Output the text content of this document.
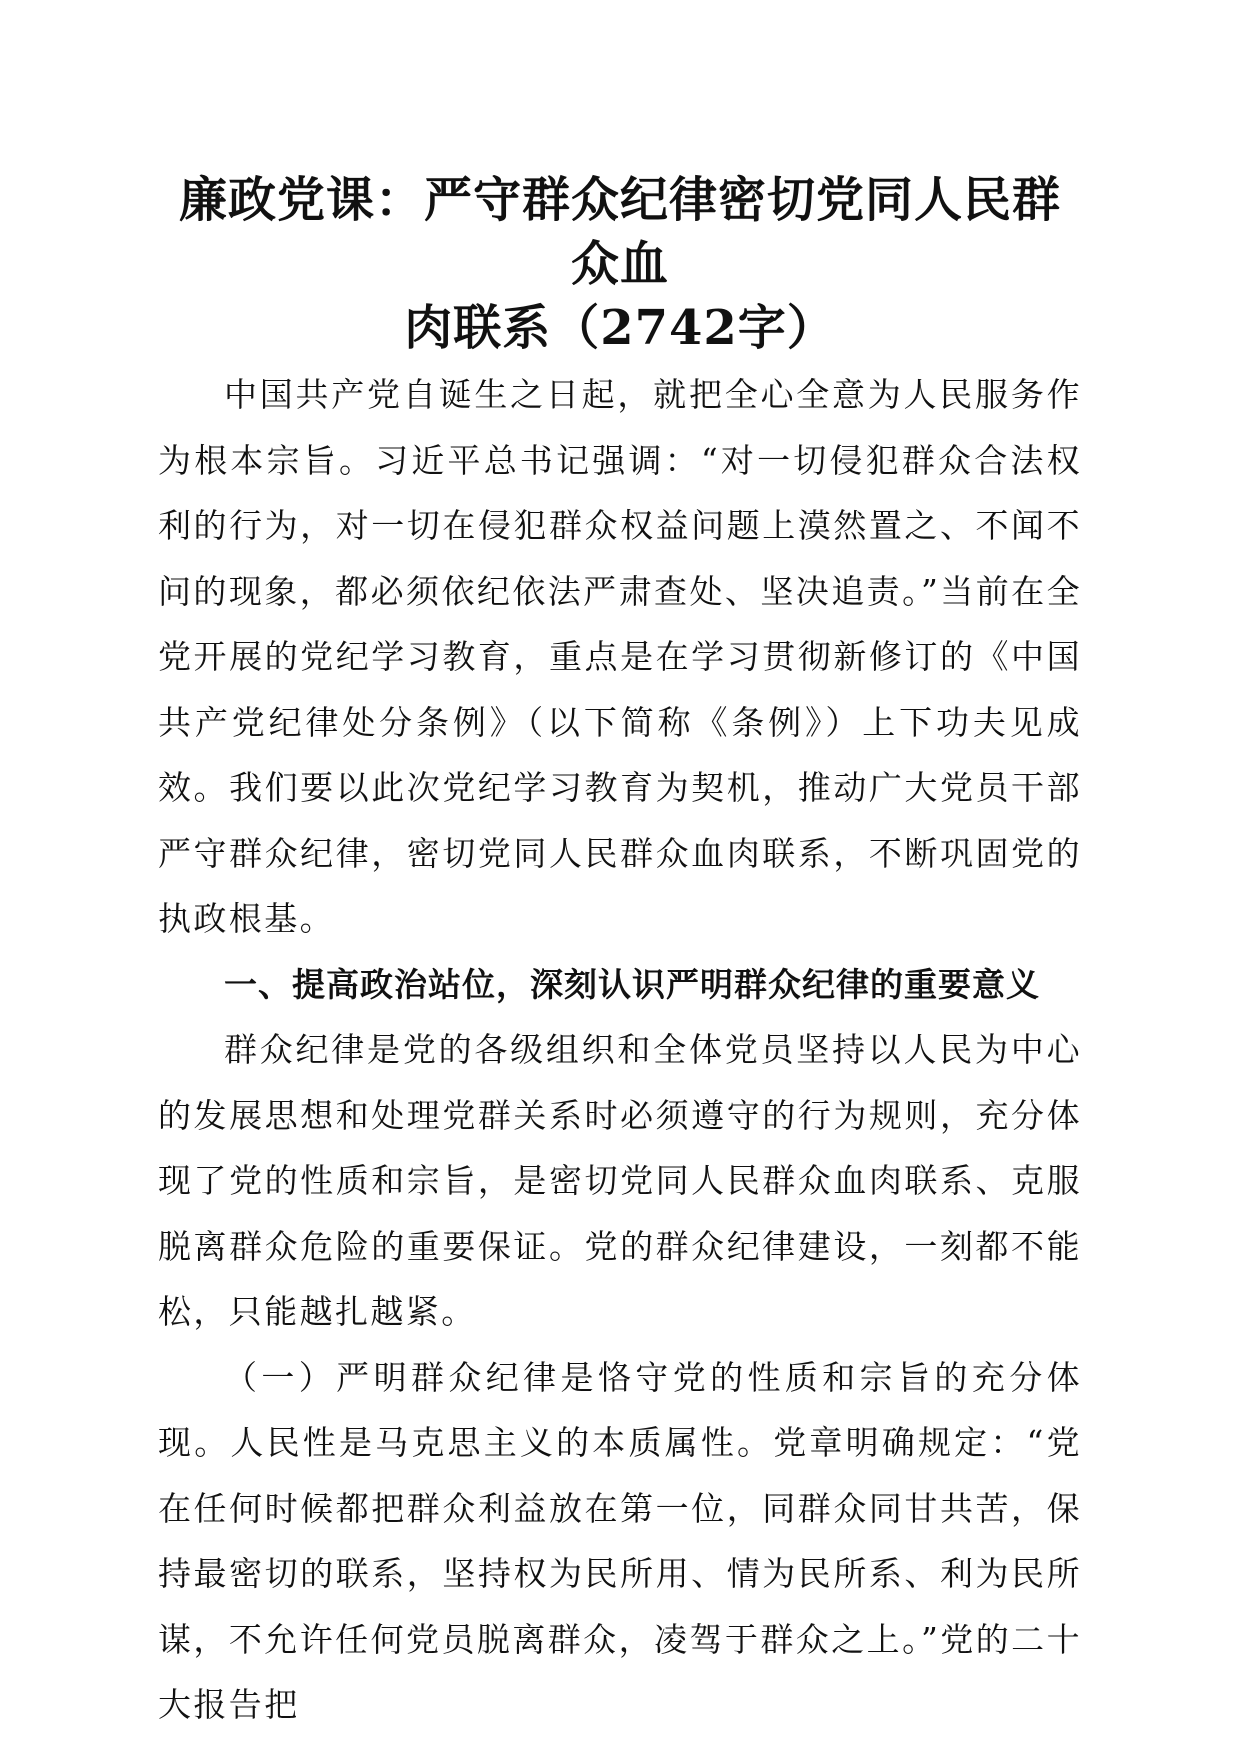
廉政党课：严守群众纪律密切党同人民群众血
肉联系（2742字）

中国共产党自诞生之日起，就把全心全意为人民服务作为根本宗旨。习近平总书记强调：“对一切侵犯群众合法权利的行为，对一切在侵犯群众权益问题上漠然置之、不闻不问的现象，都必须依纪依法严肃查处、坚决追责。”当前在全党开展的党纪学习教育，重点是在学习贯彻新修订的《中国共产党纪律处分条例》（以下简称《条例》）上下功夫见成效。我们要以此次党纪学习教育为契机，推动广大党员干部严守群众纪律，密切党同人民群众血肉联系，不断巩固党的执政根基。

一、提高政治站位，深刻认识严明群众纪律的重要意义

群众纪律是党的各级组织和全体党员坚持以人民为中心的发展思想和处理党群关系时必须遵守的行为规则，充分体现了党的性质和宗旨，是密切党同人民群众血肉联系、克服脱离群众危险的重要保证。党的群众纪律建设，一刻都不能松，只能越扎越紧。

（一）严明群众纪律是恪守党的性质和宗旨的充分体现。人民性是马克思主义的本质属性。党章明确规定：“党在任何时候都把群众利益放在第一位，同群众同甘共苦，保持最密切的联系，坚持权为民所用、情为民所系、利为民所谋，不允许任何党员脱离群众，凌驾于群众之上。”党的二十大报告把
